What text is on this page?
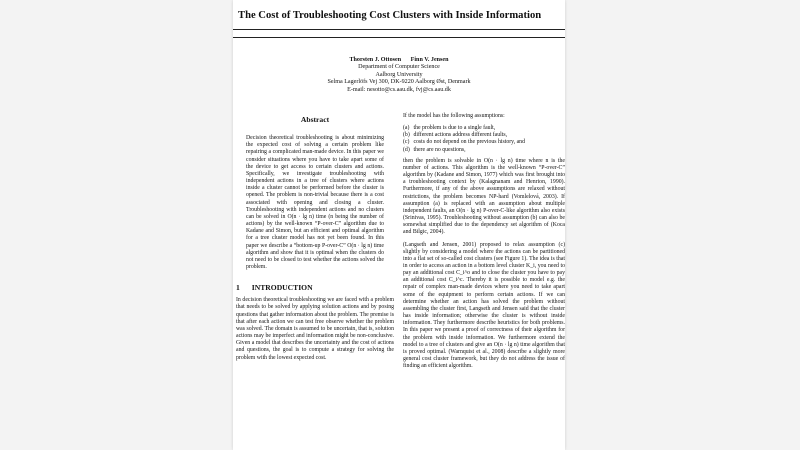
The Cost of Troubleshooting Cost Clusters with Inside Information
Thorsten J. Ottosen Finn V. Jensen
Department of Computer Science
Aalborg University
Selma Lagerlöfs Vej 300, DK-9220 Aalborg Øst, Denmark
E-mail: nesotto@cs.aau.dk, fvj@cs.aau.dk
Abstract

Decision theoretical troubleshooting is about minimizing the expected cost of solving a certain problem like repairing a complicated man-made device. In this paper we consider situations where you have to take apart some of the device to get access to certain clusters and actions. Specifically, we investigate troubleshooting with independent actions in a tree of clusters where actions inside a cluster cannot be performed before the cluster is opened. The problem is non-trivial because there is a cost associated with opening and closing a cluster. Troubleshooting with independent actions and no clusters can be solved in O(n · lg n) time (n being the number of actions) by the well-known “P-over-C” algorithm due to Kadane and Simon, but an efficient and optimal algorithm for a tree cluster model has not yet been found. In this paper we describe a “bottom-up P-over-C” O(n · lg n) time algorithm and show that it is optimal when the clusters do not need to be closed to test whether the actions solved the problem.

1 INTRODUCTION

In decision theoretical troubleshooting we are faced with a problem that needs to be solved by applying solution actions and by posing questions that gather information about the problem. The premise is that after each action we can test free observe whether the problem was solved. The domain is assumed to be uncertain, that is, solution actions may be imperfect and information might be non-conclusive. Given a model that describes the uncertainty and the cost of actions and questions, the goal is to compute a strategy for solving the problem with the lowest expected cost.

If the model has the following assumptions:
(a) the problem is due to a single fault,
(b) different actions address different faults,
(c) costs do not depend on the previous history, and
(d) there are no questions,

then the problem is solvable in O(n · lg n) time where n is the number of actions. This algorithm is the well-known “P-over-C” algorithm by (Kadane and Simon, 1977) which was first brought into a troubleshooting context by (Kalagnanam and Henrion, 1990). Furthermore, if any of the above assumptions are relaxed without restrictions, the problem becomes NP-hard (Vomlelová, 2003). If assumption (a) is replaced with an assumption about multiple independent faults, an O(n · lg n) P-over-C-like algorithm also exists (Srinivas, 1995). Troubleshooting without assumption (b) can also be somewhat simplified due to the dependency set algorithm of (Koca and Bilgic, 2004).

(Langseth and Jensen, 2001) proposed to relax assumption (c) slightly by considering a model where the actions can be partitioned into a flat set of so-called cost clusters (see Figure 1). The idea is that in order to access an action in a bottom level cluster K_i, you need to pay an additional cost C_i^o and to close the cluster you have to pay an additional cost C_i^c. Thereby it is possible to model e.g. the repair of complex man-made devices where you need to take apart some of the equipment to perform certain actions. If we can determine whether an action has solved the problem without assembling the cluster first, Langseth and Jensen said that the cluster has inside information; otherwise the cluster is without inside information. They furthermore describe heuristics for both problems. In this paper we present a proof of correctness of their algorithm for the problem with inside information. We furthermore extend the model to a tree of clusters and give an O(n · lg n) time algorithm that is proved optimal. (Warnquist et al., 2008) describe a slightly more general cost cluster framework, but they do not address the issue of finding an efficient algorithm.
